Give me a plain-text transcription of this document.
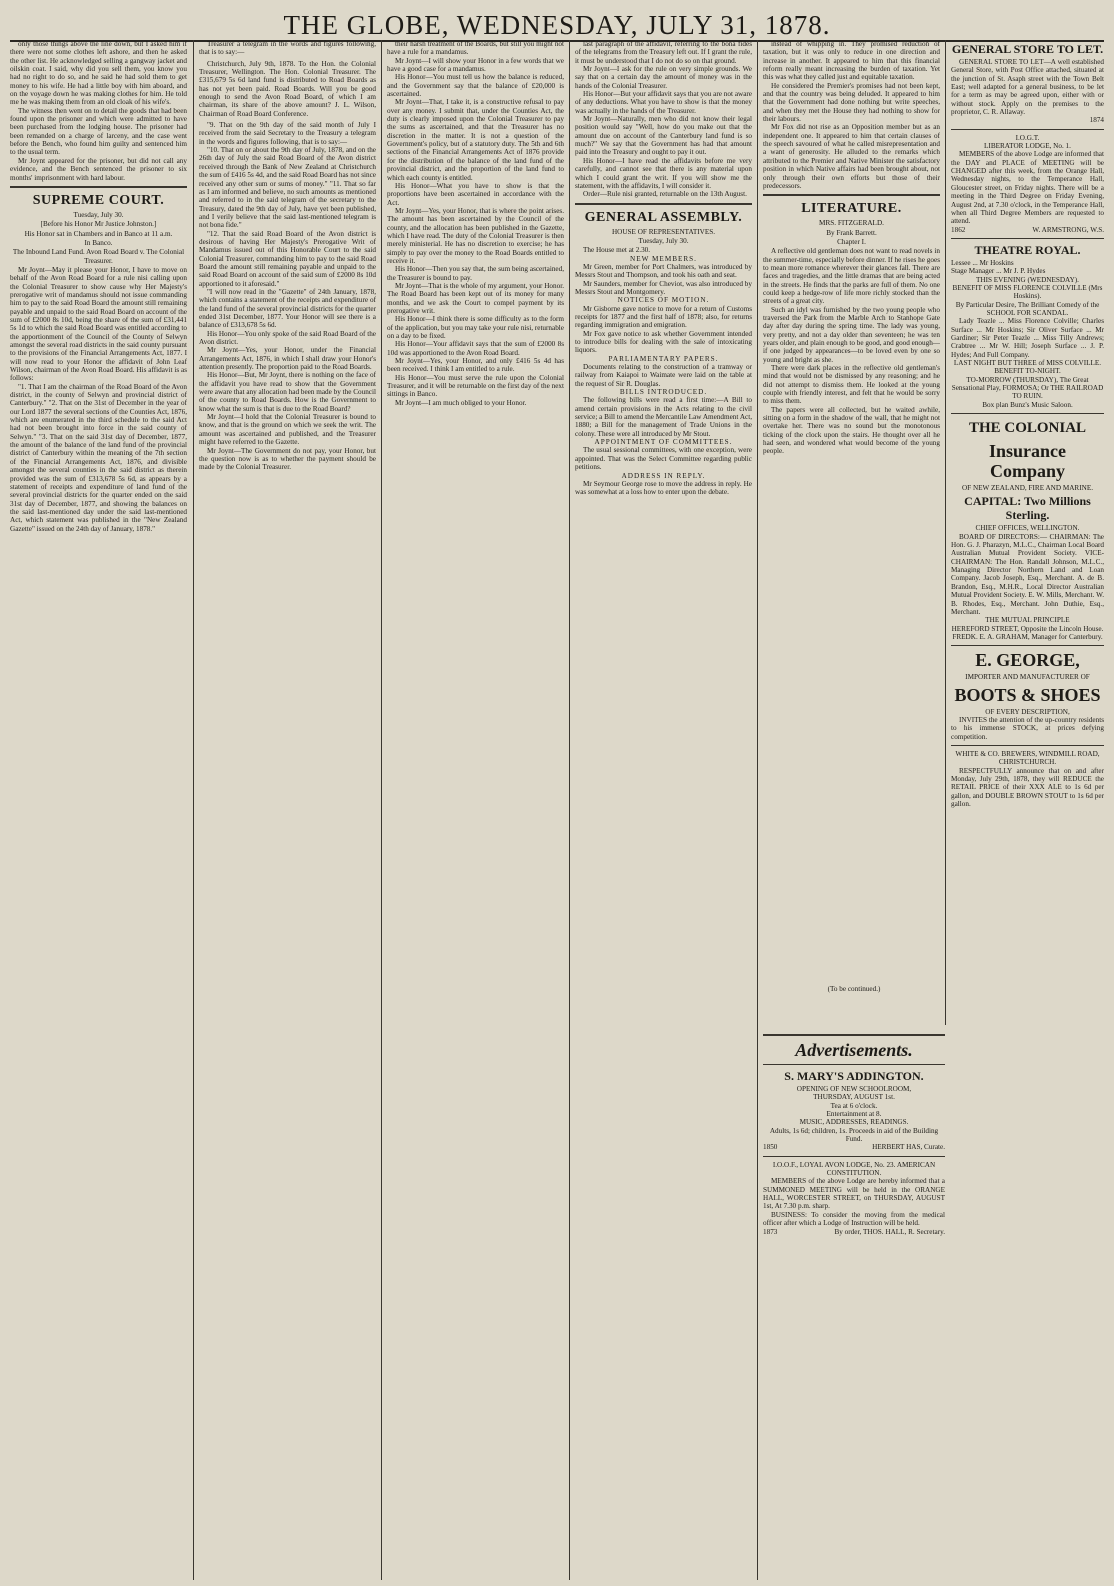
THE GLOBE, WEDNESDAY, JULY 31, 1878.

only those things above the line down, but I asked him if there were not some clothes left ashore, and then he asked the other list. He acknowledged selling a gangway jacket and oilskin coat. I said, why did you sell them, you know you had no right to do so, and he said he had sold them to get money to his wife. He had a little boy with him aboard, and on the voyage down he was making clothes for him. He told me he was making them from an old cloak of his wife's.

The witness then went on to detail the goods that had been found upon the prisoner and which were admitted to have been purchased from the lodging house. The prisoner had been remanded on a charge of larceny, and the case went before the Bench, who found him guilty and sentenced him to the usual term.

Mr Joynt appeared for the prisoner, but did not call any evidence, and the Bench sentenced the prisoner to six months' imprisonment with hard labour.

SUPREME COURT.
Tuesday, July 30.
[Before his Honor Mr Justice Johnston.]
His Honor sat in Chambers and in Banco at 11 a.m.
In Banco.
The Inbound Land Fund. Avon Road Board v. The Colonial Treasurer.

Mr Joynt—May it please your Honor, I have to move on behalf of the Avon Road Board for a rule nisi calling upon the Colonial Treasurer to show cause why Her Majesty's prerogative writ of mandamus should not issue commanding him to pay to the said Road Board the amount still remaining payable and unpaid to the said Road Board on account of the sum of £2000 8s 10d, being the share of the sum of £31,441 5s 1d to which the said Road Board was entitled according to the apportionment of the Council of the County of Selwyn amongst the several road districts in the said county pursuant to the provisions of the Financial Arrangements Act, 1877. I will now read to your Honor the affidavit of John Leaf Wilson, chairman of the Avon Road Board. His affidavit is as follows:

"1. That I am the chairman of the Road Board of the Avon district, in the county of Selwyn and provincial district of Canterbury." "2. That on the 31st of December in the year of our Lord 1877 the several sections of the Counties Act, 1876, which are enumerated in the third schedule to the said Act had not been brought into force in the said county of Selwyn." "3. That on the said 31st day of December, 1877, the amount of the balance of the land fund of the provincial district of Canterbury within the meaning of the 7th section of the Financial Arrangements Act, 1876, and divisible amongst the several counties in the said district as therein provided was the sum of £313,678 5s 6d, as appears by a statement of receipts and expenditure of land fund of the several provincial districts for the quarter ended on the said 31st day of December, 1877, and showing the balances on the said last-mentioned day under the said last-mentioned Act, which statement was published in the "New Zealand Gazette" issued on the 24th day of January, 1878."

Treasurer a telegram in the words and figures following, that is to say:—

Christchurch, July 9th, 1878. To the Hon. the Colonial Treasurer, Wellington. The Hon. Colonial Treasurer. The £315,679 5s 6d land fund is distributed to Road Boards as has not yet been paid. Road Boards. Will you be good enough to send the Avon Road Board, of which I am chairman, its share of the above amount? J. L. Wilson, Chairman of Road Board Conference.

"9. That on the 9th day of the said month of July I received from the said Secretary to the Treasury a telegram in the words and figures following, that is to say:—

"10. That on or about the 9th day of July, 1878, and on the 26th day of July the said Road Board of the Avon district received through the Bank of New Zealand at Christchurch the sum of £416 5s 4d, and the said Road Board has not since received any other sum or sums of money." "11. That so far as I am informed and believe, no such amounts as mentioned and referred to in the said telegram of the secretary to the Treasury, dated the 9th day of July, have yet been published, and I verily believe that the said last-mentioned telegram is not bona fide."

"12. That the said Road Board of the Avon district is desirous of having Her Majesty's Prerogative Writ of Mandamus issued out of this Honorable Court to the said Colonial Treasurer, commanding him to pay to the said Road Board the amount still remaining payable and unpaid to the said Road Board on account of the said sum of £2000 8s 10d apportioned to it aforesaid."

"I will now read in the "Gazette" of 24th January, 1878, which contains a statement of the receipts and expenditure of the land fund of the several provincial districts for the quarter ended 31st December, 1877. Your Honor will see there is a balance of £313,678 5s 6d.

His Honor—You only spoke of the said Road Board of the Avon district.

Mr Joynt—Yes, your Honor, under the Financial Arrangements Act, 1876, in which I shall draw your Honor's attention presently. The proportion paid to the Road Boards.

His Honor—But, Mr Joynt, there is nothing on the face of the affidavit you have read to show that the Government were aware that any allocation had been made by the Council of the county to Road Boards. How is the Government to know what the sum is that is due to the Road Board?

Mr Joynt—I hold that the Colonial Treasurer is bound to know, and that is the ground on which we seek the writ. The amount was ascertained and published, and the Treasurer might have referred to the Gazette.

Mr Joynt—The Government do not pay, your Honor, but the question now is as to whether the payment should be made by the Colonial Treasurer.

their harsh treatment of the Boards, but still you might not have a rule for a mandamus.

Mr Joynt—I will show your Honor in a few words that we have a good case for a mandamus.

His Honor—You must tell us how the balance is reduced, and the Government say that the balance of £20,000 is ascertained.

Mr Joynt—That, I take it, is a constructive refusal to pay over any money. I submit that, under the Counties Act, the duty is clearly imposed upon the Colonial Treasurer to pay the sums as ascertained, and that the Treasurer has no discretion in the matter. It is not a question of the Government's policy, but of a statutory duty. The 5th and 6th sections of the Financial Arrangements Act of 1876 provide for the distribution of the balance of the land fund of the provincial district, and the proportion of the land fund to which each county is entitled.

His Honor—What you have to show is that the proportions have been ascertained in accordance with the Act.

Mr Joynt—Yes, your Honor, that is where the point arises. The amount has been ascertained by the Council of the county, and the allocation has been published in the Gazette, which I have read. The duty of the Colonial Treasurer is then merely ministerial. He has no discretion to exercise; he has simply to pay over the money to the Road Boards entitled to receive it.

His Honor—Then you say that, the sum being ascertained, the Treasurer is bound to pay.

Mr Joynt—That is the whole of my argument, your Honor. The Road Board has been kept out of its money for many months, and we ask the Court to compel payment by its prerogative writ.

His Honor—I think there is some difficulty as to the form of the application, but you may take your rule nisi, returnable on a day to be fixed.

His Honor—Your affidavit says that the sum of £2000 8s 10d was apportioned to the Avon Road Board.

Mr Joynt—Yes, your Honor, and only £416 5s 4d has been received. I think I am entitled to a rule.

His Honor—You must serve the rule upon the Colonial Treasurer, and it will be returnable on the first day of the next sittings in Banco.

Mr Joynt—I am much obliged to your Honor.

last paragraph of the affidavit, referring to the bona fides of the telegrams from the Treasury left out. If I grant the rule, it must be understood that I do not do so on that ground.

Mr Joynt—I ask for the rule on very simple grounds. We say that on a certain day the amount of money was in the hands of the Colonial Treasurer.

His Honor—But your affidavit says that you are not aware of any deductions. What you have to show is that the money was actually in the hands of the Treasurer.

Mr Joynt—Naturally, men who did not know their legal position would say "Well, how do you make out that the amount due on account of the Canterbury land fund is so much?" We say that the Government has had that amount paid into the Treasury and ought to pay it out.

His Honor—I have read the affidavits before me very carefully, and cannot see that there is any material upon which I could grant the writ. If you will show me the statement, with the affidavits, I will consider it.

Order—Rule nisi granted, returnable on the 13th August.

GENERAL ASSEMBLY.
HOUSE OF REPRESENTATIVES.
Tuesday, July 30.

The House met at 2.30.

NEW MEMBERS.

Mr Green, member for Port Chalmers, was introduced by Messrs Stout and Thompson, and took his oath and seat.

Mr Saunders, member for Cheviot, was also introduced by Messrs Stout and Montgomery.

NOTICES OF MOTION.

Mr Gisborne gave notice to move for a return of Customs receipts for 1877 and the first half of 1878; also, for returns regarding immigration and emigration.

Mr Fox gave notice to ask whether Government intended to introduce bills for dealing with the sale of intoxicating liquors.

PARLIAMENTARY PAPERS.

Documents relating to the construction of a tramway or railway from Kaiapoi to Waimate were laid on the table at the request of Sir R. Douglas.

BILLS INTRODUCED.

The following bills were read a first time:—A Bill to amend certain provisions in the Acts relating to the civil service; a Bill to amend the Mercantile Law Amendment Act, 1880; a Bill for the management of Trade Unions in the colony. These were all introduced by Mr Stout.

APPOINTMENT OF COMMITTEES.

The usual sessional committees, with one exception, were appointed. That was the Select Committee regarding public petitions.

ADDRESS IN REPLY.

Mr Seymour George rose to move the address in reply. He was somewhat at a loss how to enter upon the debate.

instead of whipping in. They promised reduction of taxation, but it was only to reduce in one direction and increase in another. It appeared to him that this financial reform really meant increasing the burden of taxation. Yet this was what they called just and equitable taxation.

He considered the Premier's promises had not been kept, and that the country was being deluded. It appeared to him that the Government had done nothing but write speeches, and when they met the House they had nothing to show for their labours.

Mr Fox did not rise as an Opposition member but as an independent one. It appeared to him that certain clauses of the speech savoured of what he called misrepresentation and a want of generosity. He alluded to the remarks which attributed to the Premier and Native Minister the satisfactory position in which Native affairs had been brought about, not only through their own efforts but those of their predecessors.

LITERATURE.
MRS. FITZGERALD.
By Frank Barrett.
Chapter I.

A reflective old gentleman does not want to read novels in the summer-time, especially before dinner. If he rises he goes to mean more romance wherever their glances fall. There are faces and tragedies, and the little dramas that are being acted in the streets. He finds that the parks are full of them. No one could keep a hedge-row of life more richly stocked than the streets of a great city.

Such an idyl was furnished by the two young people who traversed the Park from the Marble Arch to Stanhope Gate day after day during the spring time. The lady was young, very pretty, and not a day older than seventeen; he was ten years older, and plain enough to be good, and good enough—if one judged by appearances—to be loved even by one so young and bright as she.

There were dark places in the reflective old gentleman's mind that would not be dismissed by any reasoning; and he did not attempt to dismiss them. He looked at the young couple with friendly interest, and felt that he would be sorry to miss them.

The papers were all collected, but he waited awhile, sitting on a form in the shadow of the wall, that he might not overtake her. There was no sound but the monotonous ticking of the clock upon the stairs. He thought over all he had seen, and wondered what would become of the young people.

GENERAL STORE TO LET.

GENERAL STORE TO LET—A well established General Store, with Post Office attached, situated at the junction of St. Asaph street with the Town Belt East; well adapted for a general business, to be let for a term as may be agreed upon, either with or without stock. Apply on the premises to the proprietor, C. R. Allaway.

1874
I.O.G.T.
LIBERATOR LODGE, No. 1.

MEMBERS of the above Lodge are informed that the DAY and PLACE of MEETING will be CHANGED after this week, from the Orange Hall, Wednesday nights, to the Temperance Hall, Gloucester street, on Friday nights. There will be a meeting in the Third Degree on Friday Evening, August 2nd, at 7.30 o'clock, in the Temperance Hall, when all Third Degree Members are requested to attend.

1862	W. ARMSTRONG, W.S.
THEATRE ROYAL.
Lessee ... Mr Hoskins
Stage Manager ... Mr J. P. Hydes
THIS EVENING (WEDNESDAY).
BENEFIT OF MISS FLORENCE COLVILLE (Mrs Hoskins).
By Particular Desire, The Brilliant Comedy of the SCHOOL FOR SCANDAL.

Lady Teazle ... Miss Florence Colville; Charles Surface ... Mr Hoskins; Sir Oliver Surface ... Mr Gardiner; Sir Peter Teazle ... Miss Tilly Andrews; Crabtree ... Mr W. Hill; Joseph Surface ... J. P. Hydes; And Full Company.

LAST NIGHT BUT THREE of MISS COLVILLE. BENEFIT TO-NIGHT.
TO-MORROW (THURSDAY), The Great Sensational Play, FORMOSA; Or THE RAILROAD TO RUIN.
Box plan Bunz's Music Saloon.
THE COLONIAL
Insurance Company
OF NEW ZEALAND, FIRE AND MARINE.
CAPITAL: Two Millions Sterling.
CHIEF OFFICES, WELLINGTON.

BOARD OF DIRECTORS:— CHAIRMAN: The Hon. G. J. Pharazyn, M.L.C., Chairman Local Board Australian Mutual Provident Society. VICE-CHAIRMAN: The Hon. Randall Johnson, M.L.C., Managing Director Northern Land and Loan Company. Jacob Joseph, Esq., Merchant. A. de B. Brandon, Esq., M.H.R., Local Director Australian Mutual Provident Society. E. W. Mills, Merchant. W. B. Rhodes, Esq., Merchant. John Duthie, Esq., Merchant.

THE MUTUAL PRINCIPLE
HEREFORD STREET, Opposite the Lincoln House. FREDK. E. A. GRAHAM, Manager for Canterbury.
E. GEORGE,
IMPORTER AND MANUFACTURER OF
BOOTS & SHOES
OF EVERY DESCRIPTION,

INVITES the attention of the up-country residents to his immense STOCK, at prices defying competition.

WHITE & CO. BREWERS, WINDMILL ROAD, CHRISTCHURCH.

RESPECTFULLY announce that on and after Monday, July 29th, 1878, they will REDUCE the RETAIL PRICE of their XXX ALE to 1s 6d per gallon, and DOUBLE BROWN STOUT to 1s 6d per gallon.

Advertisements.
S. MARY'S ADDINGTON.
OPENING OF NEW SCHOOLROOM,
THURSDAY, AUGUST 1st.
Tea at 6 o'clock.
Entertainment at 8.
MUSIC, ADDRESSES, READINGS.
Adults, 1s 6d; children, 1s. Proceeds in aid of the Building Fund.
1850	HERBERT HAS, Curate.
I.O.O.F., LOYAL AVON LODGE, No. 23. AMERICAN CONSTITUTION.

MEMBERS of the above Lodge are hereby informed that a SUMMONED MEETING will be held in the ORANGE HALL, WORCESTER STREET, on THURSDAY, AUGUST 1st, At 7.30 p.m. sharp.

BUSINESS: To consider the moving from the medical officer after which a Lodge of Instruction will be held.

1873	By order, THOS. HALL, R. Secretary.
(To be continued.)
